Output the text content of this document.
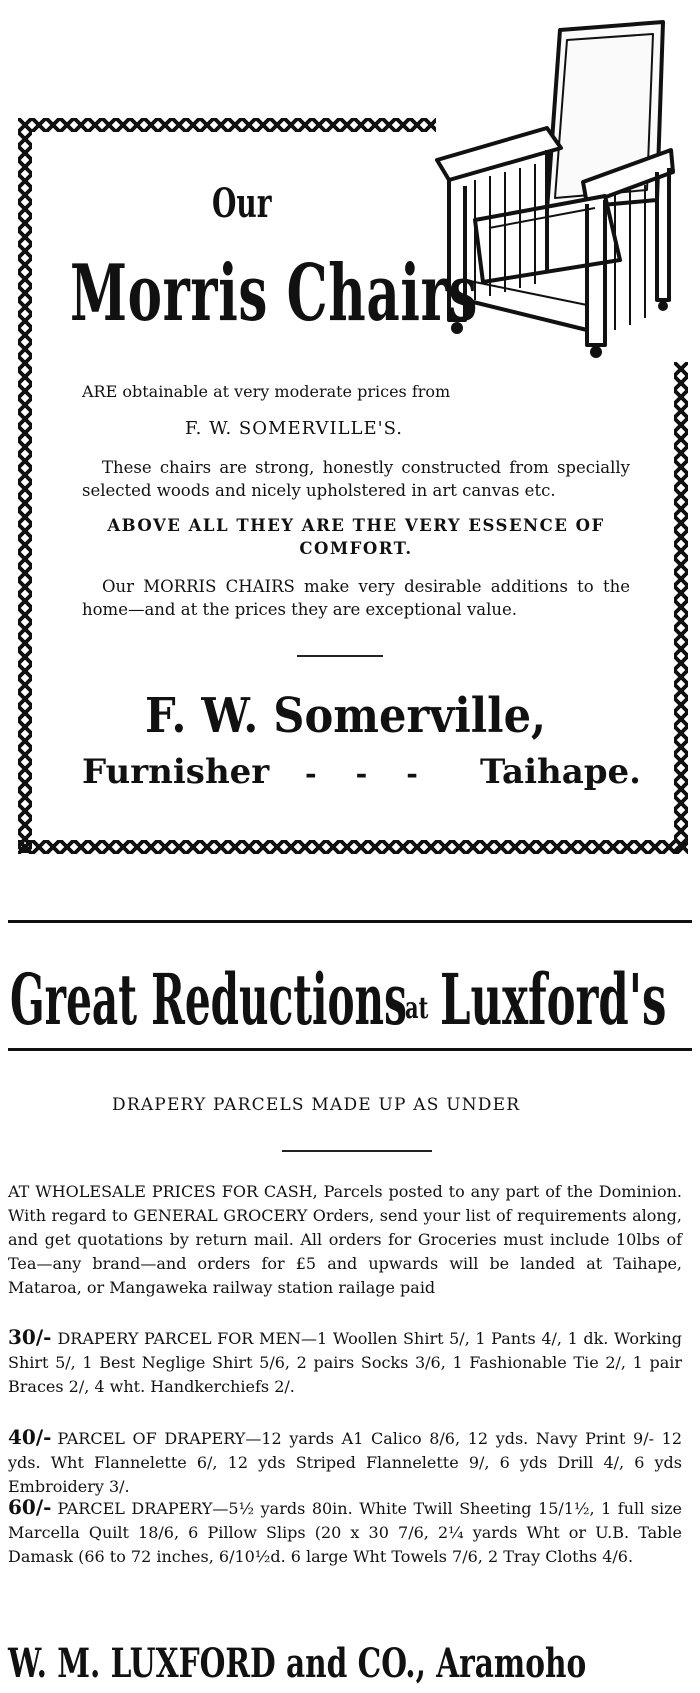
Our
Morris Chairs
ARE obtainable at very moderate prices from
F. W. SOMERVILLE'S.
These chairs are strong, honestly constructed from specially selected woods and nicely upholstered in art canvas etc.
ABOVE ALL THEY ARE THE VERY ESSENCE OF COMFORT.
Our MORRIS CHAIRS make very desirable additions to the home—and at the prices they are exceptional value.
F. W. Somerville,
Furnisher -    -    - Taihape.
Great Reductionsat Luxford's
DRAPERY PARCELS MADE UP AS UNDER
AT WHOLESALE PRICES FOR CASH, Parcels posted to any part of the Dominion. With regard to GENERAL GROCERY Orders, send your list of requirements along, and get quotations by return mail. All orders for Groceries must include 10lbs of Tea—any brand—and orders for £5 and upwards will be landed at Taihape, Mataroa, or Mangaweka railway station railage paid
30/- DRAPERY PARCEL FOR MEN—1 Woollen Shirt 5/, 1 Pants 4/, 1 dk. Working Shirt 5/, 1 Best Neglige Shirt 5/6, 2 pairs Socks 3/6, 1 Fashionable Tie 2/, 1 pair Braces 2/, 4 wht. Handkerchiefs 2/.
40/- PARCEL OF DRAPERY—12 yards A1 Calico 8/6, 12 yds. Navy Print 9/- 12 yds. Wht Flannelette 6/, 12 yds Striped Flannelette 9/, 6 yds Drill 4/, 6 yds Embroidery 3/.
60/- PARCEL DRAPERY—5½ yards 80in. White Twill Sheeting 15/1½, 1 full size Marcella Quilt 18/6, 6 Pillow Slips (20 x 30 7/6, 2¼ yards Wht or U.B. Table Damask (66 to 72 inches, 6/10½d. 6 large Wht Towels 7/6, 2 Tray Cloths 4/6.
W. M. LUXFORD and CO., Aramoho
